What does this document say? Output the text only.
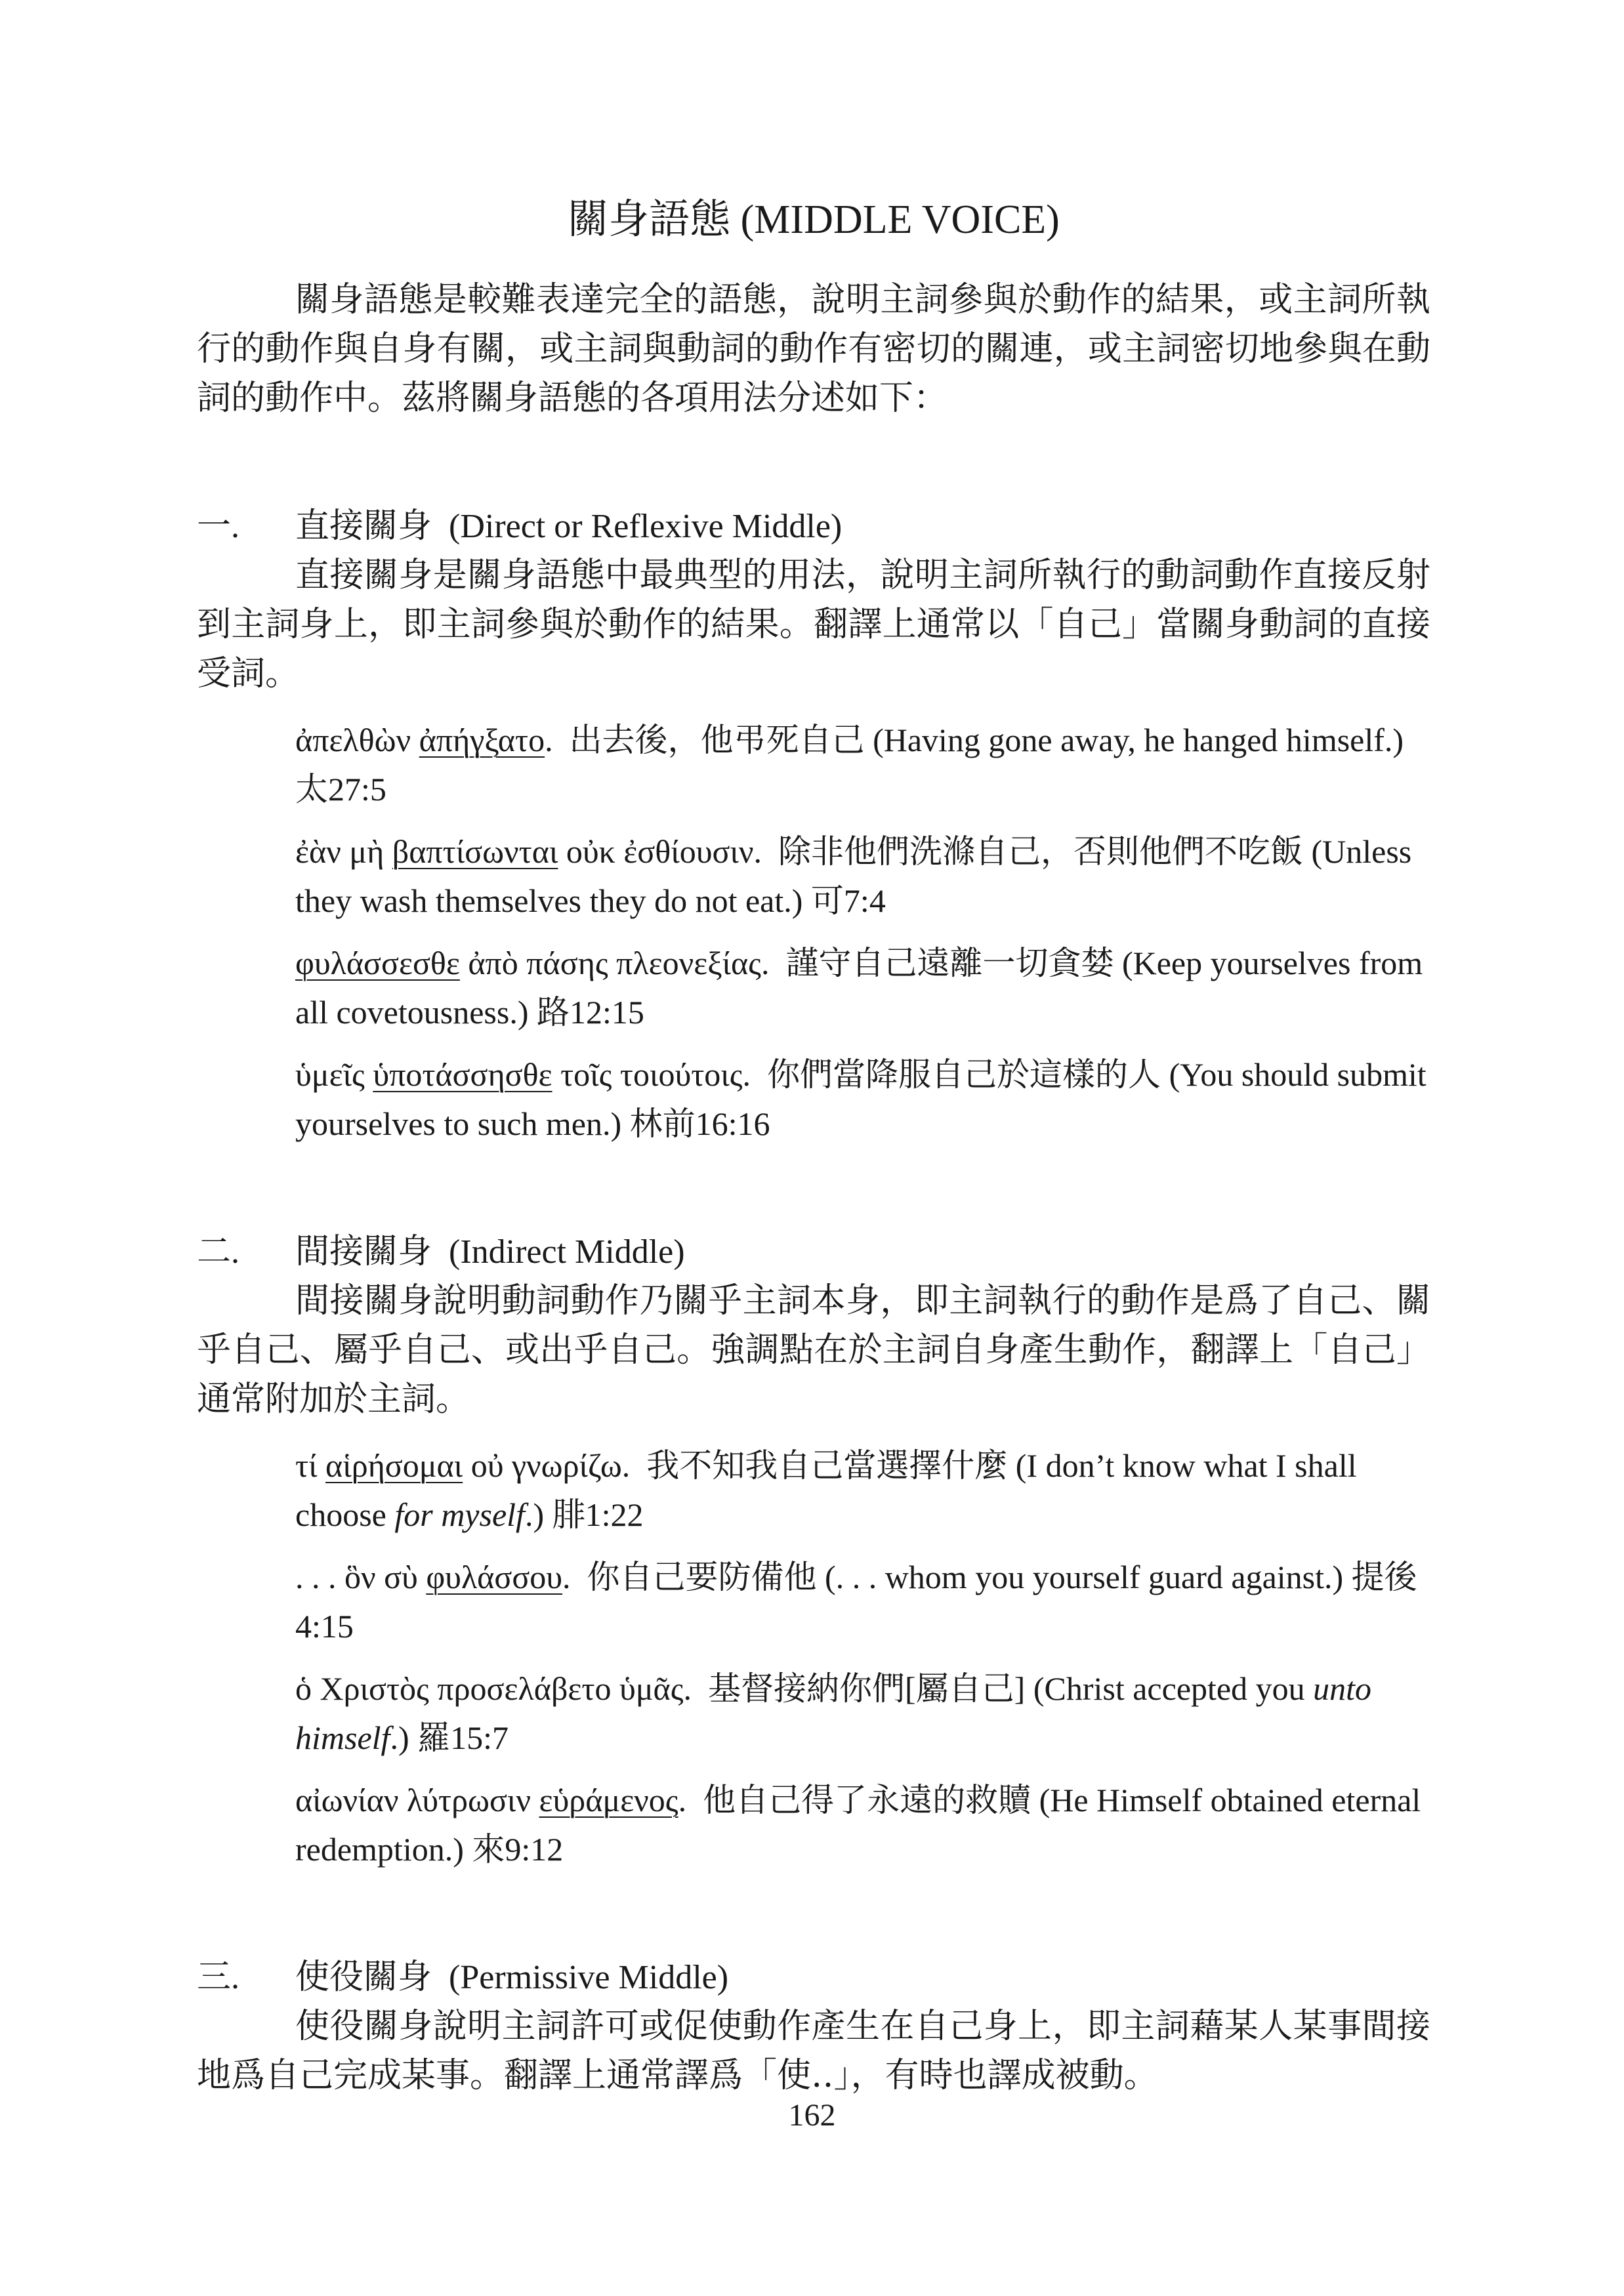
關身語態 (MIDDLE VOICE)

關身語態是較難表達完全的語態，說明主詞參與於動作的結果，或主詞所執行的動作與自身有關，或主詞與動詞的動作有密切的關連，或主詞密切地參與在動詞的動作中。茲將關身語態的各項用法分述如下：

一.	直接關身 (Direct or Reflexive Middle)

直接關身是關身語態中最典型的用法，說明主詞所執行的動詞動作直接反射到主詞身上，即主詞參與於動作的結果。翻譯上通常以「自己」當關身動詞的直接受詞。

ἀπελθὼν ἀπήγξατο. 出去後，他弔死自己 (Having gone away, he hanged himself.) 太27:5
ἐὰν μὴ βαπτίσωνται οὐκ ἐσθίουσιν. 除非他們洗滌自己，否則他們不吃飯 (Unless they wash themselves they do not eat.) 可7:4
φυλάσσεσθε ἀπὸ πάσης πλεονεξίας. 謹守自己遠離一切貪婪 (Keep yourselves from all covetousness.) 路12:15
ὑμεῖς ὑποτάσσησθε τοῖς τοιούτοις. 你們當降服自己於這樣的人 (You should submit yourselves to such men.) 林前16:16
二.	間接關身 (Indirect Middle)

間接關身說明動詞動作乃關乎主詞本身，即主詞執行的動作是爲了自己、關乎自己、屬乎自己、或出乎自己。強調點在於主詞自身產生動作，翻譯上「自己」通常附加於主詞。

τί αἱρήσομαι οὐ γνωρίζω. 我不知我自己當選擇什麼 (I don’t know what I shall choose for myself.) 腓1:22
. . . ὃν σὺ φυλάσσου. 你自己要防備他 (. . . whom you yourself guard against.) 提後4:15
ὁ Χριστὸς προσελάβετο ὑμᾶς. 基督接納你們[屬自己] (Christ accepted you unto himself.) 羅15:7
αἰωνίαν λύτρωσιν εὑράμενος. 他自己得了永遠的救贖 (He Himself obtained eternal redemption.) 來9:12
三.	使役關身 (Permissive Middle)

使役關身說明主詞許可或促使動作產生在自己身上，即主詞藉某人某事間接地爲自己完成某事。翻譯上通常譯爲「使‥」，有時也譯成被動。

162
